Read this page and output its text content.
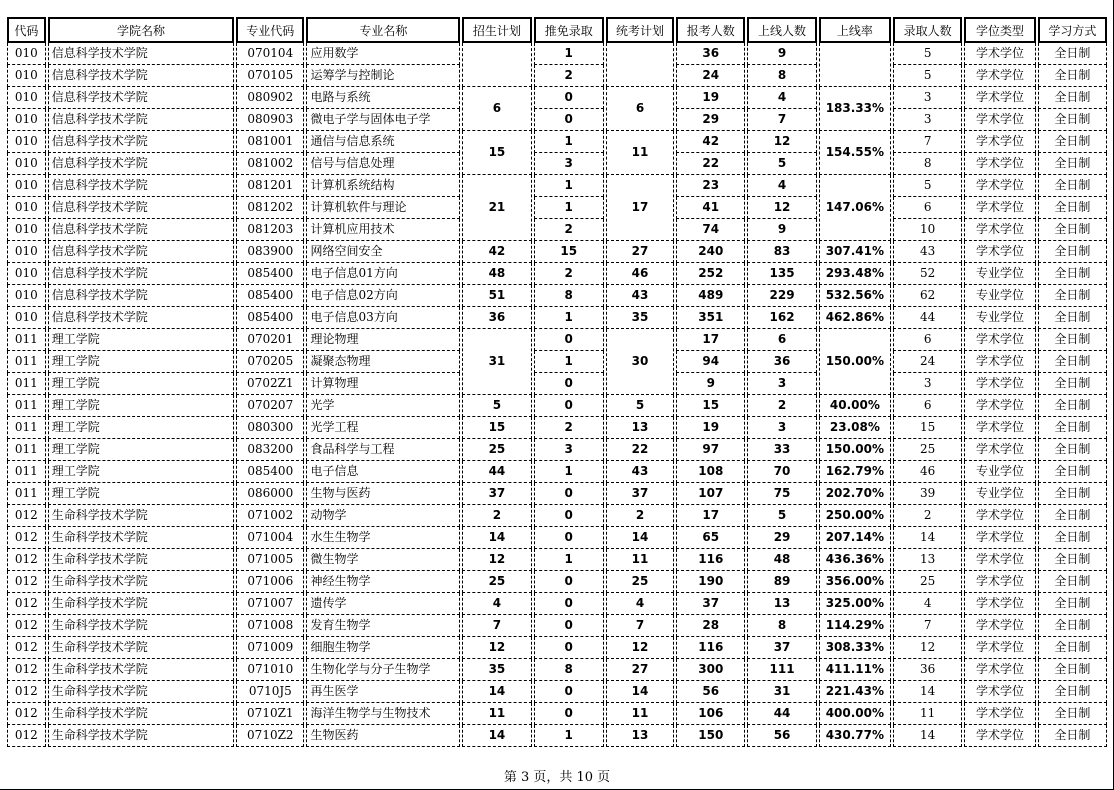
代码	学院名称	专业代码	专业名称	招生计划	推免录取	统考计划	报考人数	上线人数	上线率	录取人数	学位类型	学习方式
010	信息科学技术学院	070104	应用数学		1		36	9		5	学术学位	全日制
010	信息科学技术学院	070105	运筹学与控制论		2		24	8		5	学术学位	全日制
010	信息科学技术学院	080902	电路与系统	6	0	6	19	4	183.33%	3	学术学位	全日制
010	信息科学技术学院	080903	微电子学与固体电子学		0		29	7		3	学术学位	全日制
010	信息科学技术学院	081001	通信与信息系统	15	1	11	42	12	154.55%	7	学术学位	全日制
010	信息科学技术学院	081002	信号与信息处理		3		22	5		8	学术学位	全日制
010	信息科学技术学院	081201	计算机系统结构	21	1	17	23	4	147.06%	5	学术学位	全日制
010	信息科学技术学院	081202	计算机软件与理论		1		41	12		6	学术学位	全日制
010	信息科学技术学院	081203	计算机应用技术		2		74	9		10	学术学位	全日制
010	信息科学技术学院	083900	网络空间安全	42	15	27	240	83	307.41%	43	学术学位	全日制
010	信息科学技术学院	085400	电子信息01方向	48	2	46	252	135	293.48%	52	专业学位	全日制
010	信息科学技术学院	085400	电子信息02方向	51	8	43	489	229	532.56%	62	专业学位	全日制
010	信息科学技术学院	085400	电子信息03方向	36	1	35	351	162	462.86%	44	专业学位	全日制
011	理工学院	070201	理论物理	31	0	30	17	6	150.00%	6	学术学位	全日制
011	理工学院	070205	凝聚态物理		1		94	36		24	学术学位	全日制
011	理工学院	0702Z1	计算物理		0		9	3		3	学术学位	全日制
011	理工学院	070207	光学	5	0	5	15	2	40.00%	6	学术学位	全日制
011	理工学院	080300	光学工程	15	2	13	19	3	23.08%	15	学术学位	全日制
011	理工学院	083200	食品科学与工程	25	3	22	97	33	150.00%	25	学术学位	全日制
011	理工学院	085400	电子信息	44	1	43	108	70	162.79%	46	专业学位	全日制
011	理工学院	086000	生物与医药	37	0	37	107	75	202.70%	39	专业学位	全日制
012	生命科学技术学院	071002	动物学	2	0	2	17	5	250.00%	2	学术学位	全日制
012	生命科学技术学院	071004	水生生物学	14	0	14	65	29	207.14%	14	学术学位	全日制
012	生命科学技术学院	071005	微生物学	12	1	11	116	48	436.36%	13	学术学位	全日制
012	生命科学技术学院	071006	神经生物学	25	0	25	190	89	356.00%	25	学术学位	全日制
012	生命科学技术学院	071007	遗传学	4	0	4	37	13	325.00%	4	学术学位	全日制
012	生命科学技术学院	071008	发育生物学	7	0	7	28	8	114.29%	7	学术学位	全日制
012	生命科学技术学院	071009	细胞生物学	12	0	12	116	37	308.33%	12	学术学位	全日制
012	生命科学技术学院	071010	生物化学与分子生物学	35	8	27	300	111	411.11%	36	学术学位	全日制
012	生命科学技术学院	0710J5	再生医学	14	0	14	56	31	221.43%	14	学术学位	全日制
012	生命科学技术学院	0710Z1	海洋生物学与生物技术	11	0	11	106	44	400.00%	11	学术学位	全日制
012	生命科学技术学院	0710Z2	生物医药	14	1	13	150	56	430.77%	14	学术学位	全日制
第 3 页，共 10 页
